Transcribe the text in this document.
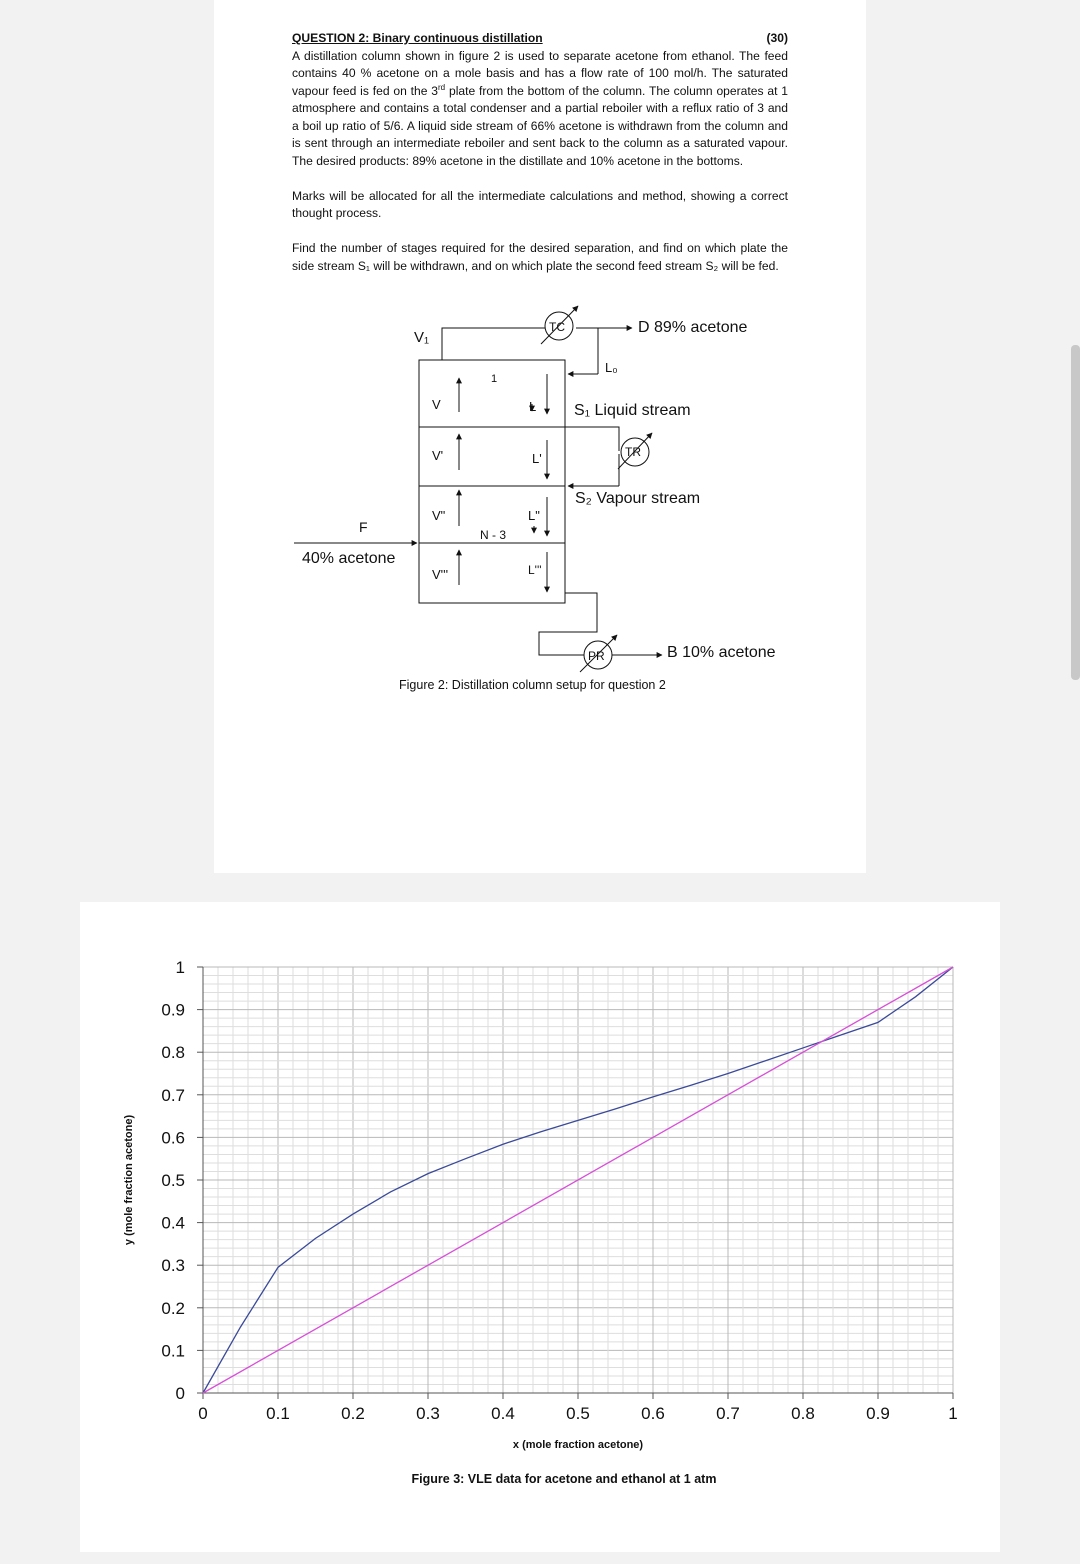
QUESTION 2: Binary continuous distillation	(30)

A distillation column shown in figure 2 is used to separate acetone from ethanol. The feed contains 40 % acetone on a mole basis and has a flow rate of 100 mol/h. The saturated vapour feed is fed on the 3rd plate from the bottom of the column. The column operates at 1 atmosphere and contains a total condenser and a partial reboiler with a reflux ratio of 3 and a boil up ratio of 5/6. A liquid side stream of 66% acetone is withdrawn from the column and is sent through an intermediate reboiler and sent back to the column as a saturated vapour. The desired products: 89% acetone in the distillate and 10% acetone in the bottoms.

Marks will be allocated for all the intermediate calculations and method, showing a correct thought process.

Find the number of stages required for the desired separation, and find on which plate the side stream S₁ will be withdrawn, and on which plate the second feed stream S₂ will be fed.

V₁
TC	D 89% acetone
L₀
1
V	L S₁ Liquid stream
V'	L'	TR
S₂ Vapour stream
V"	L"
F	N - 3
40% acetone
V'''	L'''
PR	B 10% acetone
Figure 2: Distillation column setup for question 2
0	0.1	0.2	0.3	0.4	0.5	0.6	0.7	0.8	0.9	1
0
0.1
0.2
0.3
0.4
0.5
0.6
0.7
0.8
0.9
1
x (mole fraction acetone)
y (mole fraction acetone)
Figure 3: VLE data for acetone and ethanol at 1 atm
